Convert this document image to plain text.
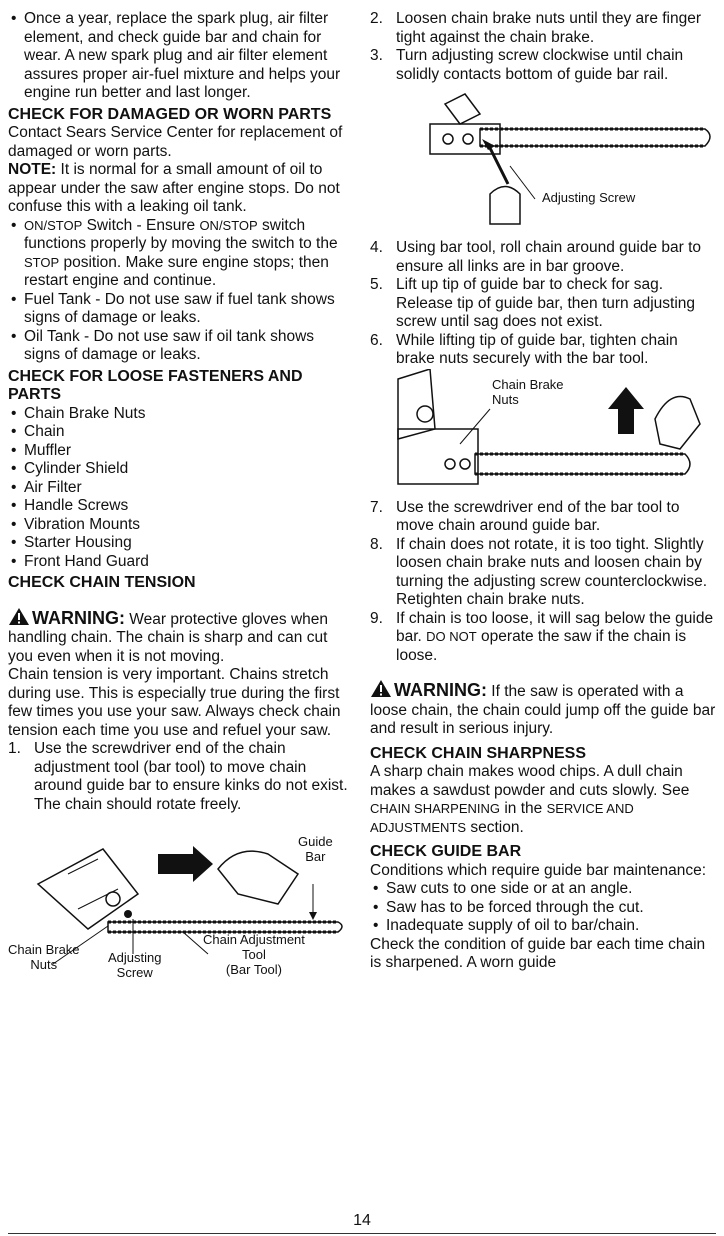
• Once a year, replace the spark plug, air filter element, and check guide bar and chain for wear. A new spark plug and air filter element assures proper air-fuel mixture and helps your engine run better and last longer.

CHECK FOR DAMAGED OR WORN PARTS

Contact Sears Service Center for replacement of damaged or worn parts.

NOTE: It is normal for a small amount of oil to appear under the saw after engine stops. Do not confuse this with a leaking oil tank.

• ON/STOP Switch - Ensure ON/STOP switch functions properly by moving the switch to the STOP position. Make sure engine stops; then restart engine and continue.

• Fuel Tank - Do not use saw if fuel tank shows signs of damage or leaks.

• Oil Tank - Do not use saw if oil tank shows signs of damage or leaks.

CHECK FOR LOOSE FASTENERS AND PARTS

• Chain Brake Nuts

• Chain

• Muffler

• Cylinder Shield

• Air Filter

• Handle Screws

• Vibration Mounts

• Starter Housing

• Front Hand Guard

CHECK CHAIN TENSION

WARNING: Wear protective gloves when handling chain. The chain is sharp and can cut you even when it is not moving.

Chain tension is very important. Chains stretch during use. This is especially true during the first few times you use your saw. Always check chain tension each time you use and refuel your saw.

1. Use the screwdriver end of the chain adjustment tool (bar tool) to move chain around guide bar to ensure kinks do not exist. The chain should rotate freely.

Guide
Bar
Chain Brake
Nuts	Adjusting
Screw
Chain Adjustment
Tool
(Bar Tool)

2. Loosen chain brake nuts until they are finger tight against the chain brake.

3. Turn adjusting screw clockwise until chain solidly contacts bottom of guide bar rail.

Adjusting Screw

4. Using bar tool, roll chain around guide bar to ensure all links are in bar groove.

5. Lift up tip of guide bar to check for sag. Release tip of guide bar, then turn adjusting screw until sag does not exist.

6. While lifting tip of guide bar, tighten chain brake nuts securely with the bar tool.

Chain Brake
Nuts

7. Use the screwdriver end of the bar tool to move chain around guide bar.

8. If chain does not rotate, it is too tight. Slightly loosen chain brake nuts and loosen chain by turning the adjusting screw counterclockwise. Retighten chain brake nuts.

9. If chain is too loose, it will sag below the guide bar. DO NOT operate the saw if the chain is loose.

WARNING: If the saw is operated with a loose chain, the chain could jump off the guide bar and result in serious injury.

CHECK CHAIN SHARPNESS

A sharp chain makes wood chips. A dull chain makes a sawdust powder and cuts slowly. See CHAIN SHARPENING in the SERVICE AND ADJUSTMENTS section.

CHECK GUIDE BAR

Conditions which require guide bar maintenance:

• Saw cuts to one side or at an angle.

• Saw has to be forced through the cut.

• Inadequate supply of oil to bar/chain.

Check the condition of guide bar each time chain is sharpened. A worn guide

14
